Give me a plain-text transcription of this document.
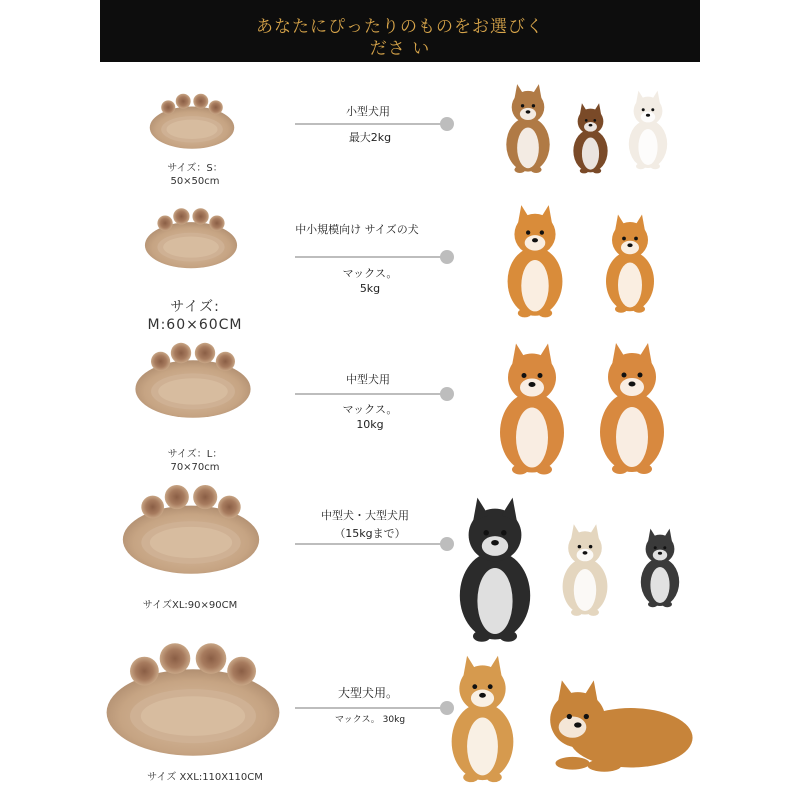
あなたにぴったりのものをお選びくださ い
サイズ：S：
50×50cm
小型犬用
最大2kg
サイズ:
M:60×60CM
中小規模向け サイズの犬
マックス。
5kg
サイズ：L：
70×70cm
中型犬用
マックス。
10kg
サイズXL:90×90CM
中型犬・大型犬用
（15kgまで）
サイズ XXL:110X110CM
大型犬用。
マックス。 30kg
